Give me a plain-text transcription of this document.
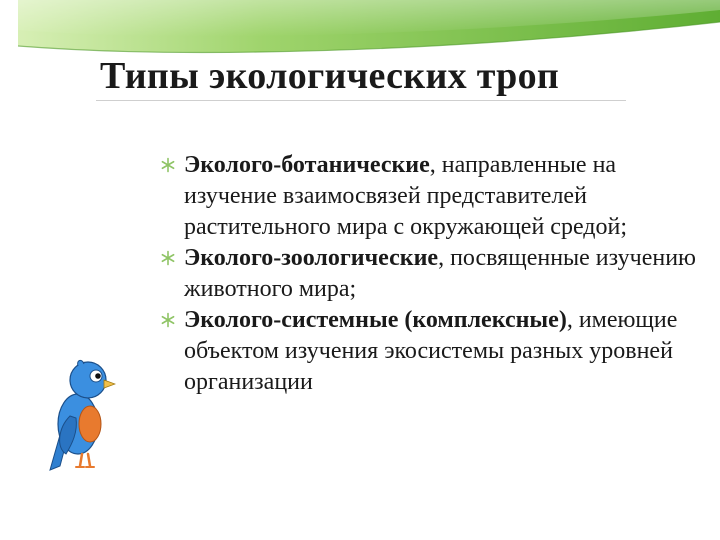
Типы экологических троп
Эколого-ботанические, направленные на изучение взаимосвязей представителей растительного мира с окружающей средой;
Эколого-зоологические, посвященные изучению животного мира;
Эколого-системные (комплексные), имеющие объектом изучения экосистемы разных уровней организации
